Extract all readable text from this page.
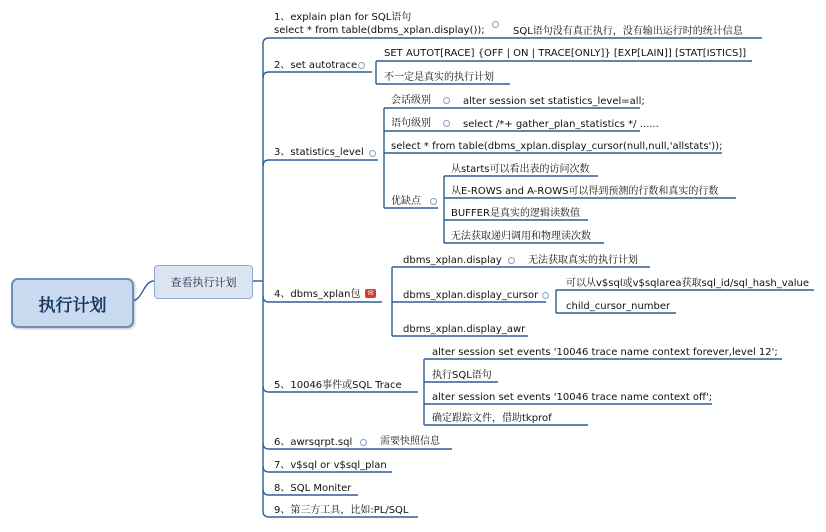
执行计划
查看执行计划
1、explain plan for SQL语句
select * from table(dbms_xplan.display());	SQL语句没有真正执行，没有输出运行时的统计信息
2、set autotrace
SET AUTOT[RACE] {OFF | ON | TRACE[ONLY]} [EXP[LAIN]] [STAT[ISTICS]]
不一定是真实的执行计划
3、statistics_level
会话级别	alter session set statistics_level=all;
语句级别	select /*+ gather_plan_statistics */ ......
select * from table(dbms_xplan.display_cursor(null,null,'allstats'));
优缺点
从starts可以看出表的访问次数
从E-ROWS and A-ROWS可以得到预测的行数和真实的行数
BUFFER是真实的逻辑读数值
无法获取递归调用和物理读次数
4、dbms_xplan包	✉
dbms_xplan.display	无法获取真实的执行计划
dbms_xplan.display_cursor
可以从v$sql或v$sqlarea获取sql_id/sql_hash_value
child_cursor_number
dbms_xplan.display_awr
5、10046事件或SQL Trace
alter session set events '10046 trace name context forever,level 12';
执行SQL语句
alter session set events '10046 trace name context off';
确定跟踪文件，借助tkprof
6、awrsqrpt.sql	需要快照信息
7、v$sql or v$sql_plan
8、SQL Moniter
9、第三方工具，比如:PL/SQL
